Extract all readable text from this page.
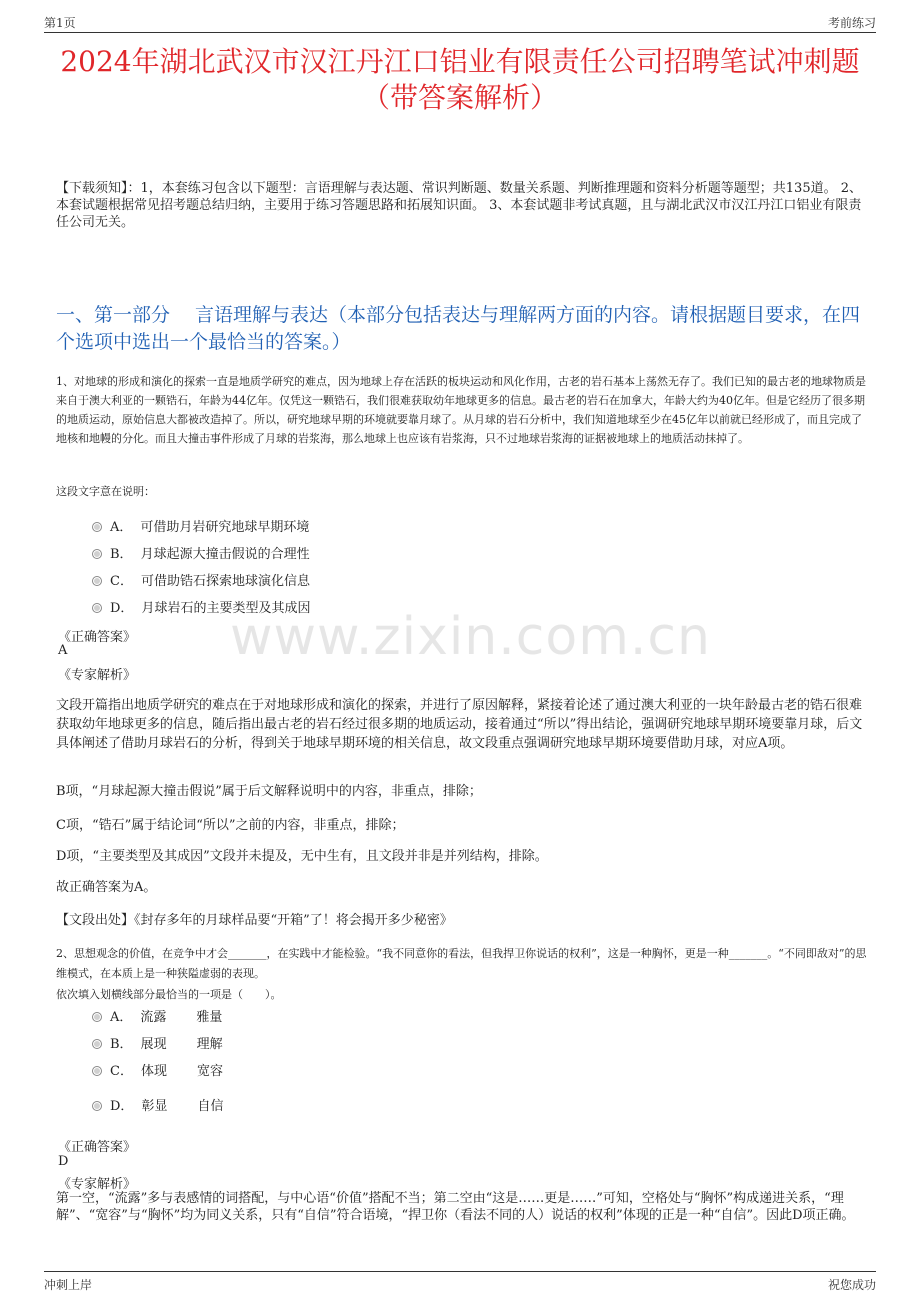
第1页	考前练习
2024年湖北武汉市汉江丹江口铝业有限责任公司招聘笔试冲刺题（带答案解析）
【下载须知】：1，本套练习包含以下题型：言语理解与表达题、常识判断题、数量关系题、判断推理题和资料分析题等题型；共135道。 2、本套试题根据常见招考题总结归纳，主要用于练习答题思路和拓展知识面。 3、本套试题非考试真题，且与湖北武汉市汉江丹江口铝业有限责任公司无关。
一、第一部分　 言语理解与表达（本部分包括表达与理解两方面的内容。请根据题目要求，在四个选项中选出一个最恰当的答案。）
1、对地球的形成和演化的探索一直是地质学研究的难点，因为地球上存在活跃的板块运动和风化作用，古老的岩石基本上荡然无存了。我们已知的最古老的地球物质是来自于澳大利亚的一颗锆石，年龄为44亿年。仅凭这一颗锆石，我们很难获取幼年地球更多的信息。最古老的岩石在加拿大，年龄大约为40亿年。但是它经历了很多期的地质运动，原始信息大都被改造掉了。所以，研究地球早期的环境就要靠月球了。从月球的岩石分析中，我们知道地球至少在45亿年以前就已经形成了，而且完成了地核和地幔的分化。而且大撞击事件形成了月球的岩浆海，那么地球上也应该有岩浆海，只不过地球岩浆海的证据被地球上的地质活动抹掉了。
这段文字意在说明：
A． 可借助月岩研究地球早期环境
B． 月球起源大撞击假说的合理性
C． 可借助锆石探索地球演化信息
D． 月球岩石的主要类型及其成因
www.zixin.com.cn
《正确答案》
A
《专家解析》
文段开篇指出地质学研究的难点在于对地球形成和演化的探索，并进行了原因解释，紧接着论述了通过澳大利亚的一块年龄最古老的锆石很难获取幼年地球更多的信息，随后指出最古老的岩石经过很多期的地质运动，接着通过“所以”得出结论，强调研究地球早期环境要靠月球，后文具体阐述了借助月球岩石的分析，得到关于地球早期环境的相关信息，故文段重点强调研究地球早期环境要借助月球，对应A项。
B项，“月球起源大撞击假说”属于后文解释说明中的内容，非重点，排除；
C项，“锆石”属于结论词“所以”之前的内容，非重点，排除；
D项，“主要类型及其成因”文段并未提及，无中生有，且文段并非是并列结构，排除。
故正确答案为A。
【文段出处】《封存多年的月球样品要“开箱”了！将会揭开多少秘密》
2、思想观念的价值，在竞争中才会_______，在实践中才能检验。“我不同意你的看法，但我捍卫你说话的权利”，这是一种胸怀，更是一种_______。“不同即敌对”的思维模式，在本质上是一种狭隘虚弱的表现。
依次填入划横线部分最恰当的一项是（　　）。
A． 流露 雅量
B． 展现 理解
C． 体现 宽容
D． 彰显 自信
《正确答案》
D
《专家解析》
第一空，“流露”多与表感情的词搭配，与中心语“价值”搭配不当；第二空由“这是……更是……”可知，空格处与“胸怀”构成递进关系，“理解”、“宽容”与“胸怀”均为同义关系，只有“自信”符合语境，“捍卫你（看法不同的人）说话的权利”体现的正是一种“自信”。因此D项正确。
冲刺上岸	祝您成功
